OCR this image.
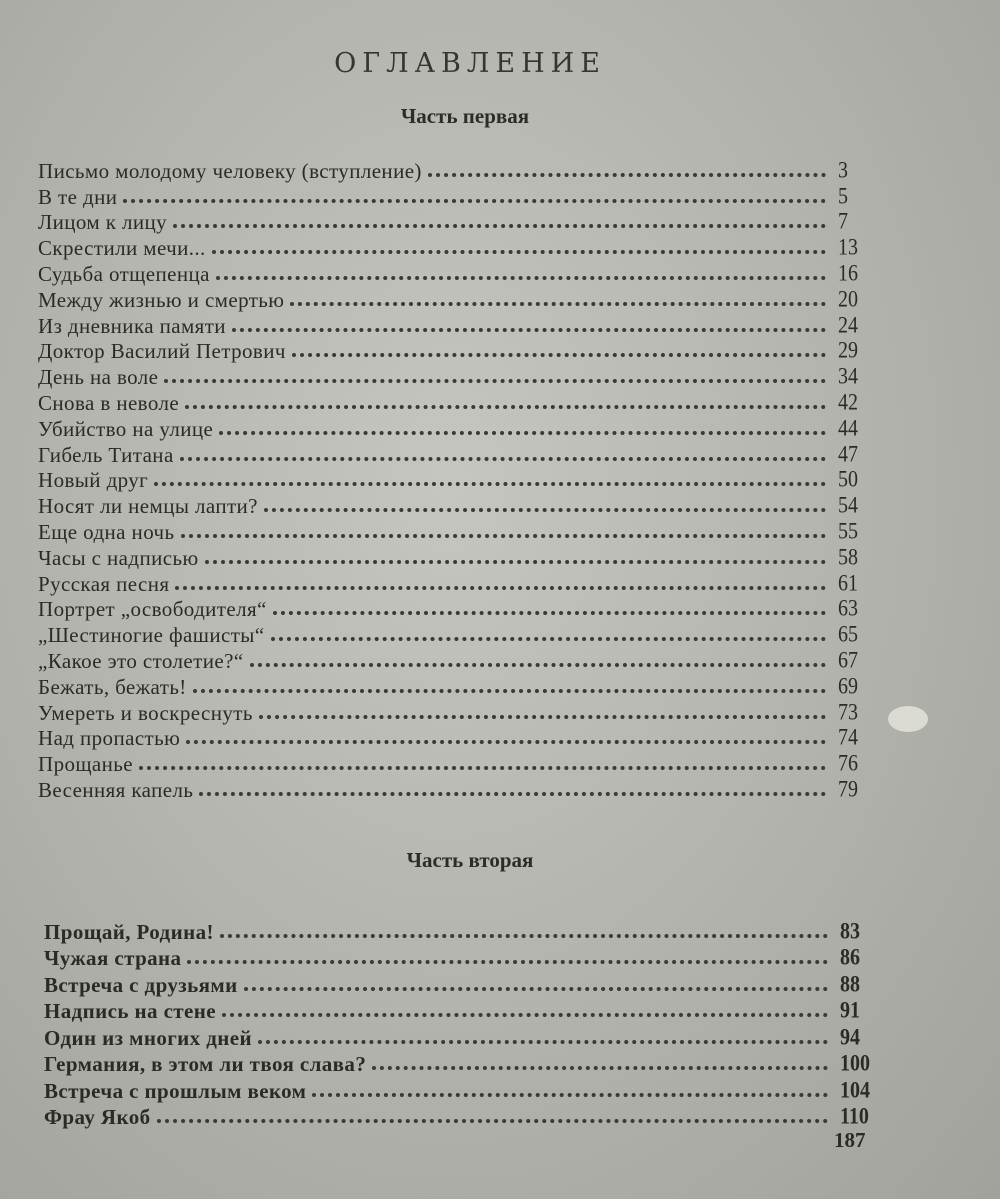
ОГЛАВЛЕНИЕ
Часть первая
Письмо молодому человеку (вступление)	3
В те дни	5
Лицом к лицу	7
Скрестили мечи...	13
Судьба отщепенца	16
Между жизнью и смертью	20
Из дневника памяти	24
Доктор Василий Петрович	29
День на воле	34
Снова в неволе	42
Убийство на улице	44
Гибель Титана	47
Новый друг	50
Носят ли немцы лапти?	54
Еще одна ночь	55
Часы с надписью	58
Русская песня	61
Портрет „освободителя“	63
„Шестиногие фашисты“	65
„Какое это столетие?“	67
Бежать, бежать!	69
Умереть и воскреснуть	73
Над пропастью	74
Прощанье	76
Весенняя капель	79
Часть вторая
Прощай, Родина!	83
Чужая страна	86
Встреча с друзьями	88
Надпись на стене	91
Один из многих дней	94
Германия, в этом ли твоя слава?	100
Встреча с прошлым веком	104
Фрау Якоб	110
187
